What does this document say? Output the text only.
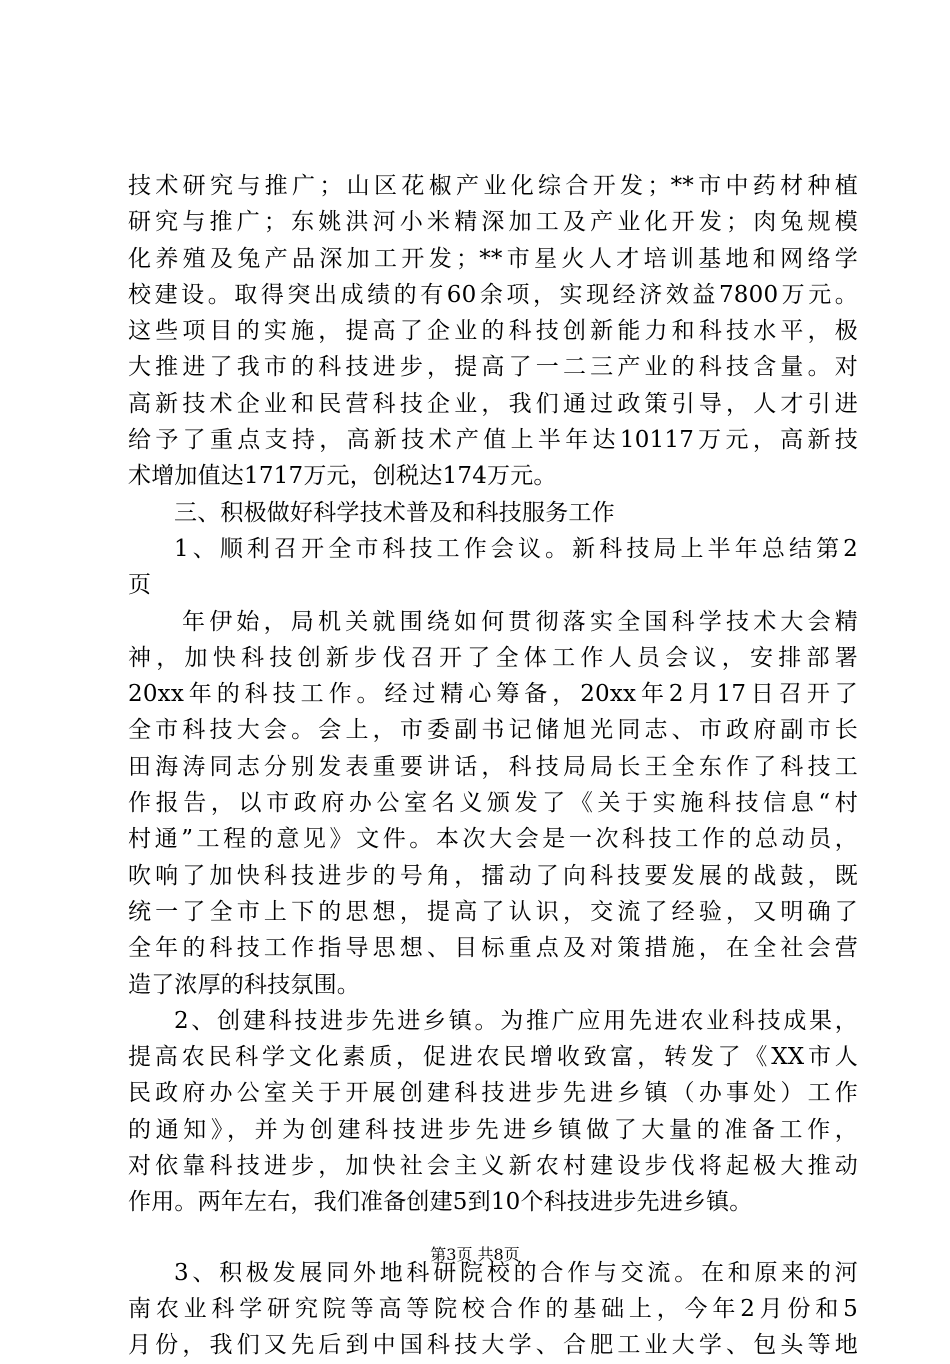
技术研究与推广；山区花椒产业化综合开发；**市中药材种植
研究与推广；东姚洪河小米精深加工及产业化开发；肉兔规模
化养殖及兔产品深加工开发；**市星火人才培训基地和网络学
校建设。取得突出成绩的有60余项，实现经济效益7800万元。
这些项目的实施，提高了企业的科技创新能力和科技水平，极
大推进了我市的科技进步，提高了一二三产业的科技含量。对
高新技术企业和民营科技企业，我们通过政策引导，人才引进
给予了重点支持，高新技术产值上半年达10117万元，高新技
术增加值达1717万元，创税达174万元。
三、积极做好科学技术普及和科技服务工作
1、顺利召开全市科技工作会议。新科技局上半年总结第2
页
年伊始，局机关就围绕如何贯彻落实全国科学技术大会精
神，加快科技创新步伐召开了全体工作人员会议，安排部署
20xx年的科技工作。经过精心筹备，20xx年2月17日召开了
全市科技大会。会上，市委副书记储旭光同志、市政府副市长
田海涛同志分别发表重要讲话，科技局局长王全东作了科技工
作报告，以市政府办公室名义颁发了《关于实施科技信息“村
村通”工程的意见》文件。本次大会是一次科技工作的总动员，
吹响了加快科技进步的号角，擂动了向科技要发展的战鼓，既
统一了全市上下的思想，提高了认识，交流了经验，又明确了
全年的科技工作指导思想、目标重点及对策措施，在全社会营
造了浓厚的科技氛围。
2、创建科技进步先进乡镇。为推广应用先进农业科技成果，
提高农民科学文化素质，促进农民增收致富，转发了《XX市人
民政府办公室关于开展创建科技进步先进乡镇（办事处）工作
的通知》，并为创建科技进步先进乡镇做了大量的准备工作，
对依靠科技进步，加快社会主义新农村建设步伐将起极大推动
作用。两年左右，我们准备创建5到10个科技进步先进乡镇。
3、积极发展同外地科研院校的合作与交流。在和原来的河
南农业科学研究院等高等院校合作的基础上，今年2月份和5
月份，我们又先后到中国科技大学、合肥工业大学、包头等地
第3页 共8页
